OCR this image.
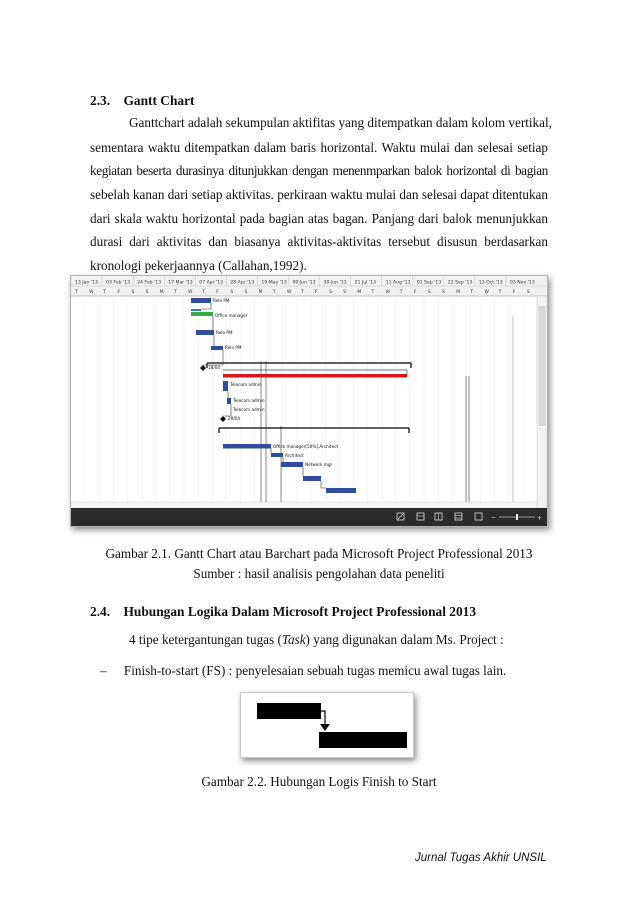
2.3. Gantt Chart
Ganttchart adalah sekumpulan aktifitas yang ditempatkan dalam kolom vertikal,
sementara waktu ditempatkan dalam baris horizontal. Waktu mulai dan selesai setiap
kegiatan beserta durasinya ditunjukkan dengan menenmparkan balok horizontal di bagian
sebelah kanan dari setiap aktivitas. perkiraan waktu mulai dan selesai dapat ditentukan
dari skala waktu horizontal pada bagian atas bagan. Panjang dari balok menunjukkan
durasi dari aktivitas dan biasanya aktivitas-aktivitas tersebut disusun berdasarkan
kronologi pekerjaannya (Callahan,1992).
13 Jan '13 03 Feb '13 24 Feb '13 17 Mar '13 07 Apr '13 28 Apr '13 19 May '13 09 Jun '13 30 Jun '13 21 Jul '13 11 Aug '13 01 Sep '13 22 Sep '13 13 Oct '13 03 Nov '13
T	W T	F	S	S	M T	W T	F	S	S	M T	W T	F	S	S	M T	W T	F	S	S	M T	W T	F	S
Relo PM
Office manager
Relo PM
Relo PM
18/04
Telecom admin
Telecom admin
Telecom admin
29/04
Office manager[50%];Architect
Architect
Network mgr
−	+
Gambar 2.1. Gantt Chart atau Barchart pada Microsoft Project Professional 2013
Sumber : hasil analisis pengolahan data peneliti
2.4. Hubungan Logika Dalam Microsoft Project Professional 2013
4 tipe ketergantungan tugas (Task) yang digunakan dalam Ms. Project :
– Finish-to-start (FS) : penyelesaian sebuah tugas memicu awal tugas lain.
Gambar 2.2. Hubungan Logis Finish to Start
Jurnal Tugas Akhir UNSIL
